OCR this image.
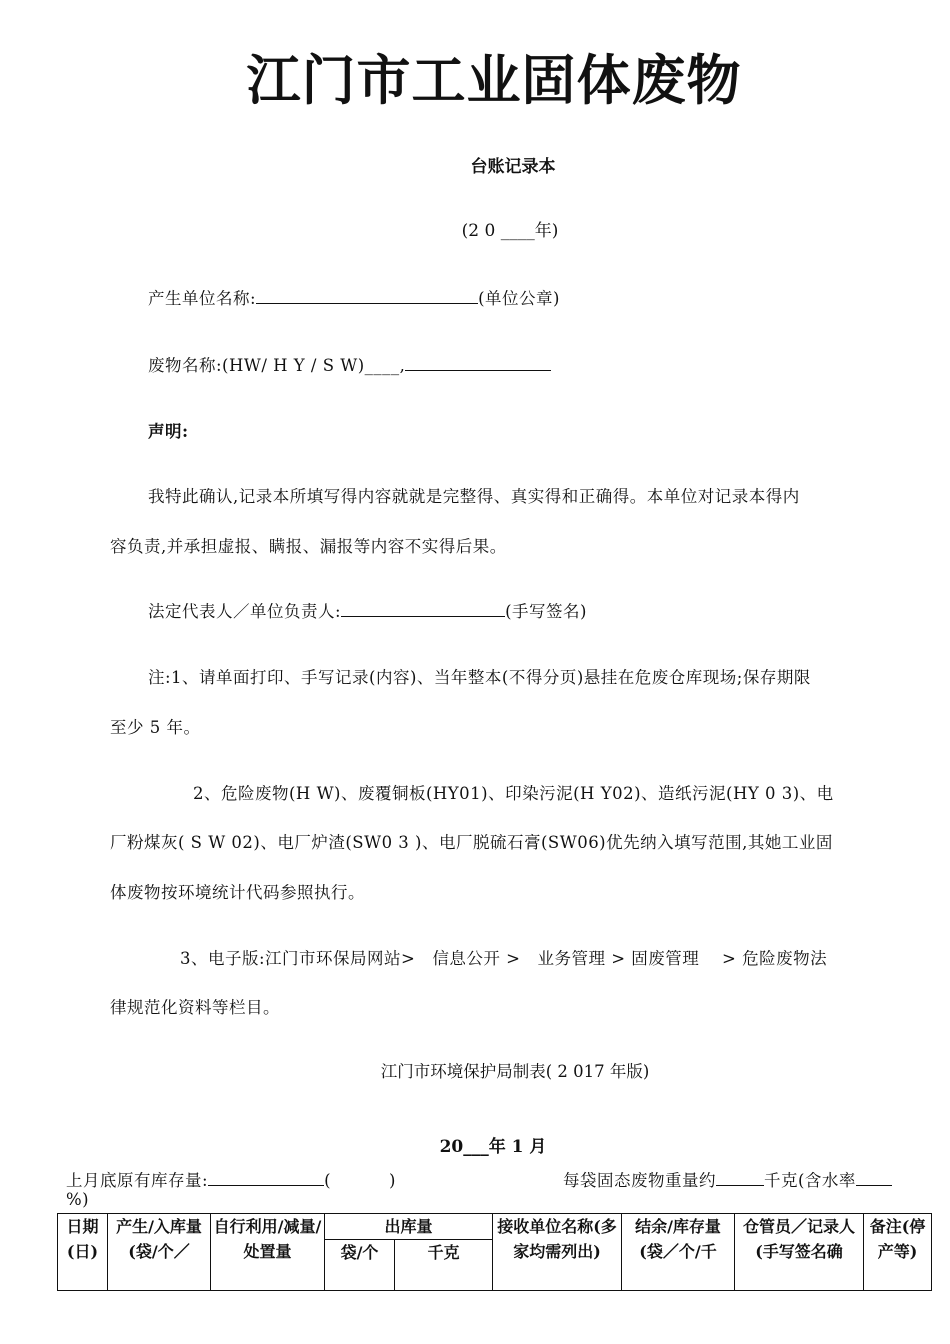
江门市工业固体废物
台账记录本
(2 0 ____年)
产生单位名称:	(单位公章)
废物名称:(HW/ H Y / S W)____,
声明:
我特此确认,记录本所填写得内容就就是完整得、真实得和正确得。本单位对记录本得内
容负责,并承担虚报、瞒报、漏报等内容不实得后果。
法定代表人／单位负责人:	(手写签名)
注:1、请单面打印、手写记录(内容)、当年整本(不得分页)悬挂在危废仓库现场;保存期限
至少 5 年。
2、危险废物(H W)、废覆铜板(HY01)、印染污泥(H Y02)、造纸污泥(HY 0 3)、电
厂粉煤灰( S W 02)、电厂炉渣(SW0 3 )、电厂脱硫石膏(SW06)优先纳入填写范围,其她工业固
体废物按环境统计代码参照执行。
3、电子版:江门市环保局网站>　信息公开 >　业务管理 > 固废管理　 > 危险废物法
律规范化资料等栏目。
江门市环境保护局制表( 2 017 年版)
20___年 1 月
上月底原有库存量:	(	)	每袋固态废物重量约	千克(含水率
%)
日期(日)	产生/入库量(袋/个／	自行利用/减量/处置量	出库量		接收单位名称(多家均需列出)	结余/库存量(袋／个/千	仓管员／记录人(手写签名确	备注(停产等)
			袋/个	千克				
